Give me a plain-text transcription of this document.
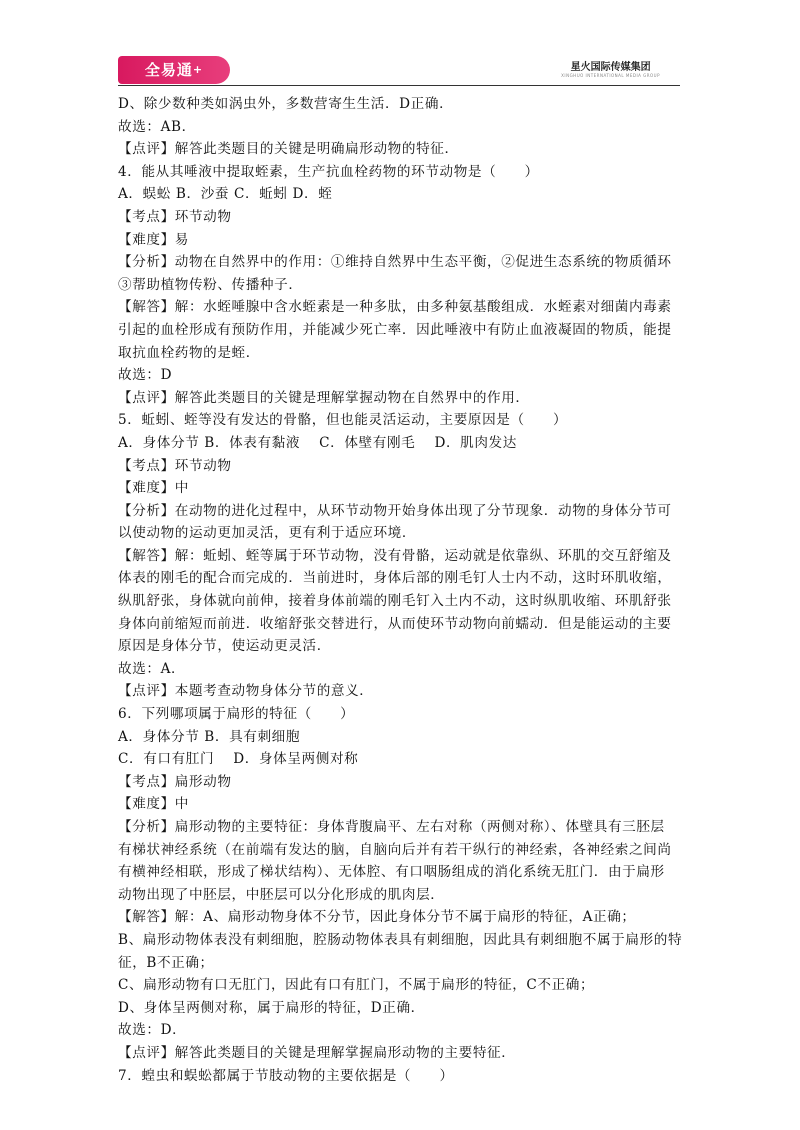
全易通+	星火国际传媒集团
XINGHUO INTERNATIONAL MEDIA GROUP
D、除少数种类如涡虫外，多数营寄生生活．D正确．
故选：AB．
【点评】解答此类题目的关键是明确扁形动物的特征．
4．能从其唾液中提取蛭素，生产抗血栓药物的环节动物是（　　）
A．蜈蚣 B．沙蚕 C．蚯蚓 D．蛭
【考点】环节动物
【难度】易
【分析】动物在自然界中的作用：①维持自然界中生态平衡，②促进生态系统的物质循环
③帮助植物传粉、传播种子．
【解答】解：水蛭唾腺中含水蛭素是一种多肽，由多种氨基酸组成．水蛭素对细菌内毒素
引起的血栓形成有预防作用，并能减少死亡率．因此唾液中有防止血液凝固的物质，能提
取抗血栓药物的是蛭．
故选：D
【点评】解答此类题目的关键是理解掌握动物在自然界中的作用．
5．蚯蚓、蛭等没有发达的骨骼，但也能灵活运动，主要原因是（　　）
A．身体分节 B．体表有黏液　 C．体壁有刚毛　 D．肌肉发达
【考点】环节动物
【难度】中
【分析】在动物的进化过程中，从环节动物开始身体出现了分节现象．动物的身体分节可
以使动物的运动更加灵活，更有利于适应环境．
【解答】解：蚯蚓、蛭等属于环节动物，没有骨骼，运动就是依靠纵、环肌的交互舒缩及
体表的刚毛的配合而完成的．当前进时，身体后部的刚毛钉人士内不动，这时环肌收缩，
纵肌舒张，身体就向前伸，接着身体前端的刚毛钉入土内不动，这时纵肌收缩、环肌舒张
身体向前缩短而前进．收缩舒张交替进行，从而使环节动物向前蠕动．但是能运动的主要
原因是身体分节，使运动更灵活．
故选：A．
【点评】本题考查动物身体分节的意义．
6．下列哪项属于扁形的特征（　　）
A．身体分节 B．具有刺细胞
C．有口有肛门　 D．身体呈两侧对称
【考点】扁形动物
【难度】中
【分析】扁形动物的主要特征：身体背腹扁平、左右对称（两侧对称）、体壁具有三胚层
有梯状神经系统（在前端有发达的脑，自脑向后并有若干纵行的神经索，各神经索之间尚
有横神经相联，形成了梯状结构）、无体腔、有口咽肠组成的消化系统无肛门．由于扁形
动物出现了中胚层，中胚层可以分化形成的肌肉层．
【解答】解：A、扁形动物身体不分节，因此身体分节不属于扁形的特征，A正确；
B、扁形动物体表没有刺细胞，腔肠动物体表具有刺细胞，因此具有刺细胞不属于扁形的特
征，B不正确；
C、扁形动物有口无肛门，因此有口有肛门，不属于扁形的特征，C不正确；
D、身体呈两侧对称，属于扁形的特征，D正确．
故选：D．
【点评】解答此类题目的关键是理解掌握扁形动物的主要特征．
7．蝗虫和蜈蚣都属于节肢动物的主要依据是（　　）
